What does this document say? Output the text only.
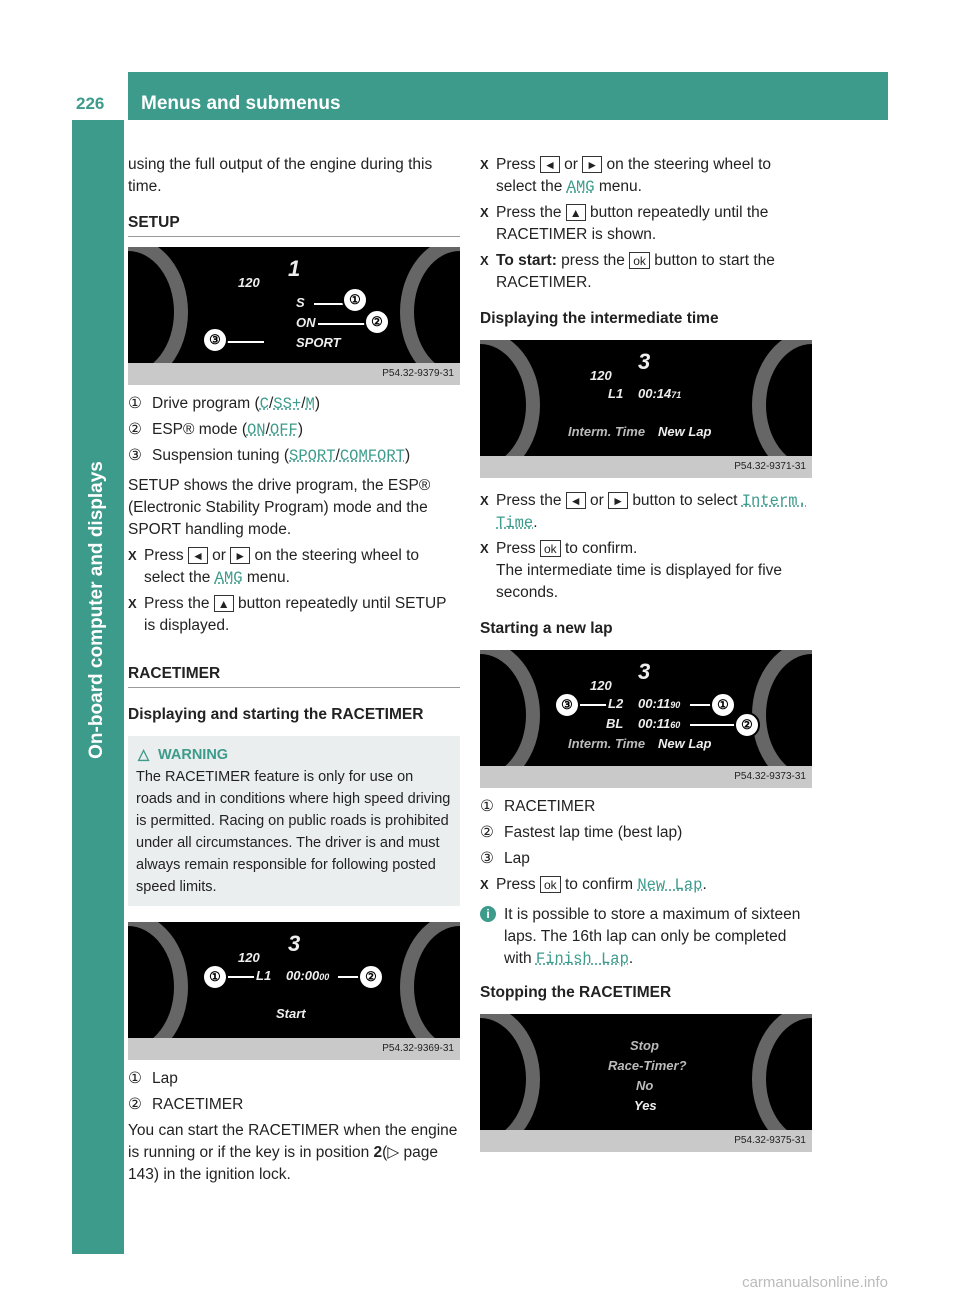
226	Menus and submenus
On-board computer and displays

using the full output of the engine during this time.

SETUP

120
1
S
ON
SPORT
①
②
③
P54.32-9379-31

① Drive program (C/SS+/M)

② ESP® mode (ON/OFF)

③ Suspension tuning (SPORT/COMFORT)

SETUP shows the drive program, the ESP® (Electronic Stability Program) mode and the SPORT handling mode.

X Press ◄ or ► on the steering wheel to select the AMG menu.

X Press the ▲ button repeatedly until SETUP is displayed.

RACETIMER

Displaying and starting the RACETIMER

△ WARNING

The RACETIMER feature is only for use on roads and in conditions where high speed driving is permitted. Racing on public roads is prohibited under all circumstances. The driver is and must always remain responsible for following posted speed limits.

120
3
L1 00:0000
Start
①	②
P54.32-9369-31

① Lap

② RACETIMER

You can start the RACETIMER when the engine is running or if the key is in position 2(▷ page 143) in the ignition lock.

X Press ◄ or ► on the steering wheel to select the AMG menu.

X Press the ▲ button repeatedly until the RACETIMER is shown.

X To start: press the ok button to start the RACETIMER.

Displaying the intermediate time

120
3
L1 00:1471
Interm. Time New Lap
P54.32-9371-31

X Press the ◄ or ► button to select Interm. Time.

X Press ok to confirm.
The intermediate time is displayed for five seconds.

Starting a new lap

120
3
L2 00:1190
BL 00:1160
Interm. Time New Lap
③	①
②
P54.32-9373-31

① RACETIMER

② Fastest lap time (best lap)

③ Lap

X Press ok to confirm New Lap.

i It is possible to store a maximum of sixteen laps. The 16th lap can only be completed with Finish Lap.

Stopping the RACETIMER

Stop
Race-Timer?
No
Yes
P54.32-9375-31
carmanualsonline.info
